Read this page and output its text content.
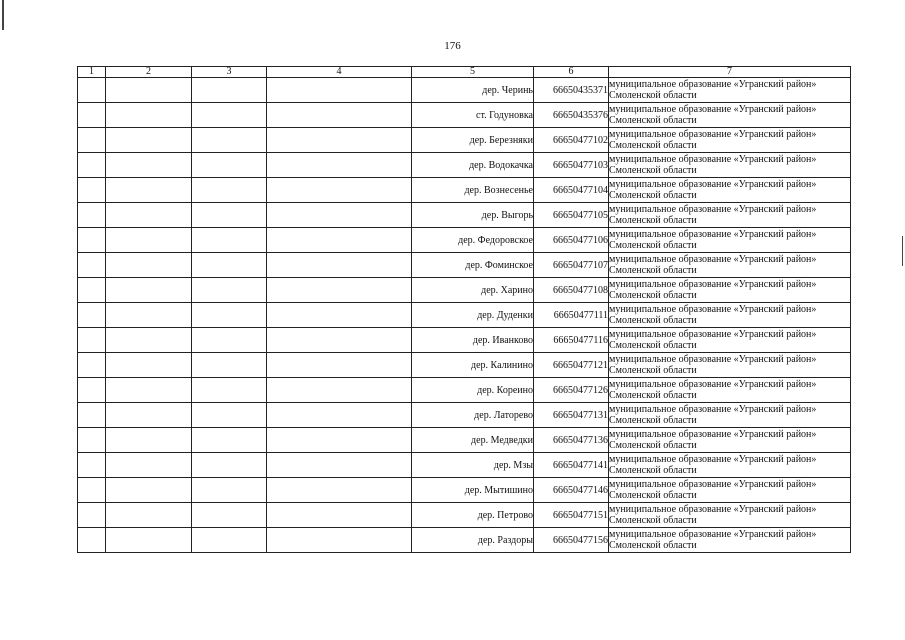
176
1	2	3	4	5	6	7
				дер. Черинь	66650435371	муниципальное образование «Угранский район» Смоленской области
				ст. Годуновка	66650435376	муниципальное образование «Угранский район» Смоленской области
				дер. Березняки	66650477102	муниципальное образование «Угранский район» Смоленской области
				дер. Водокачка	66650477103	муниципальное образование «Угранский район» Смоленской области
				дер. Вознесенье	66650477104	муниципальное образование «Угранский район» Смоленской области
				дер. Выгорь	66650477105	муниципальное образование «Угранский район» Смоленской области
				дер. Федоровское	66650477106	муниципальное образование «Угранский район» Смоленской области
				дер. Фоминское	66650477107	муниципальное образование «Угранский район» Смоленской области
				дер. Харино	66650477108	муниципальное образование «Угранский район» Смоленской области
				дер. Дуденки	66650477111	муниципальное образование «Угранский район» Смоленской области
				дер. Иванково	66650477116	муниципальное образование «Угранский район» Смоленской области
				дер. Калинино	66650477121	муниципальное образование «Угранский район» Смоленской области
				дер. Кореино	66650477126	муниципальное образование «Угранский район» Смоленской области
				дер. Латорево	66650477131	муниципальное образование «Угранский район» Смоленской области
				дер. Медведки	66650477136	муниципальное образование «Угранский район» Смоленской области
				дер. Мзы	66650477141	муниципальное образование «Угранский район» Смоленской области
				дер. Мытишино	66650477146	муниципальное образование «Угранский район» Смоленской области
				дер. Петрово	66650477151	муниципальное образование «Угранский район» Смоленской области
				дер. Раздоры	66650477156	муниципальное образование «Угранский район» Смоленской области
